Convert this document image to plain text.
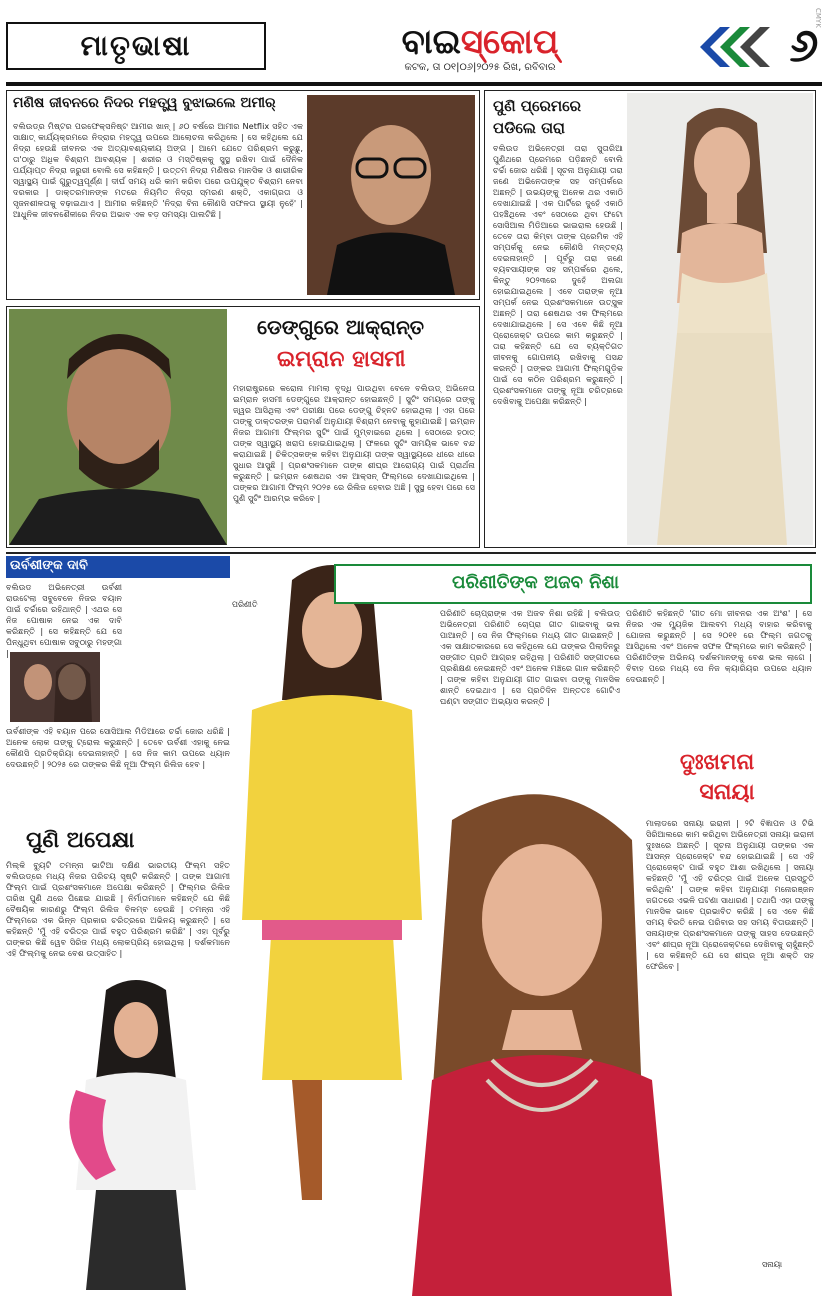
ମାତୃଭାଷା	ବାଇସ୍କୋପ୍
କଟକ, ତା ୦୧|୦୬|୨୦୨୫ ରିଖ, ରବିବାର	୬
CMYK
ମଣିଷ ଜୀବନରେ ନିଦର ମହତ୍ତ୍ୱ ବୁଝାଇଲେ ଅମୀର୍
ବଲିଉଡ୍‌ର ମିଷ୍ଟର ପରଫେକ୍ସନିଷ୍ଟ ଆମୀର ଖାନ୍ | ୬୦ ବର୍ଷରେ ଆମୀର Netflix ସହିତ ଏକ ସାକ୍ଷାତ୍ କାର୍ଯ୍ୟକ୍ରମରେ ନିଦ୍ରାର ମହତ୍ତ୍ୱ ଉପରେ ଆଲୋଚନା କରିଥିଲେ | ସେ କହିଥିଲେ ଯେ ନିଦ୍ରା ହେଉଛି ଜୀବନର ଏକ ଅତ୍ୟାବଶ୍ୟକୀୟ ଅଙ୍ଗ | ଆମେ ଯେତେ ପରିଶ୍ରମ କରୁଛୁ, ତା'ଠାରୁ ଅଧିକ ବିଶ୍ରାମ ଆବଶ୍ୟକ | ଶରୀର ଓ ମସ୍ତିଷ୍କକୁ ସୁସ୍ଥ ରଖିବା ପାଇଁ ଦୈନିକ ପର୍ଯ୍ୟାପ୍ତ ନିଦ୍ରା ଜରୁରୀ ବୋଲି ସେ କହିଛନ୍ତି | ଉତ୍ତମ ନିଦ୍ରା ମଣିଷର ମାନସିକ ଓ ଶାରୀରିକ ସ୍ୱାସ୍ଥ୍ୟ ପାଇଁ ଗୁରୁତ୍ୱପୂର୍ଣ୍ଣ | ଦୀର୍ଘ ସମୟ ଧରି କାମ କରିବା ପରେ ଉପଯୁକ୍ତ ବିଶ୍ରାମ ନେବା ଦରକାର | ଡାକ୍ତରମାନଙ୍କ ମତରେ ନିୟମିତ ନିଦ୍ରା ସ୍ମରଣ ଶକ୍ତି, ଏକାଗ୍ରତା ଓ ସୃଜନଶୀଳତାକୁ ବଢ଼ାଇଥାଏ | ଆମୀର କହିଛନ୍ତି 'ନିଦ୍ରା ବିନା କୌଣସି ସଫଳତା ସ୍ଥାୟୀ ନୁହେଁ' | ଆଧୁନିକ ଜୀବନଶୈଳୀରେ ନିଦର ଅଭାବ ଏକ ବଡ଼ ସମସ୍ୟା ପାଲଟିଛି |
ପୁଣି ପ୍ରେମରେ
ପଡିଲେ ତାରା
ବଲିଉଡ ଅଭିନେତ୍ରୀ ତାରା ସୁତାରିଆ ପୁଣିଥରେ ପ୍ରେମରେ ପଡ଼ିଛନ୍ତି ବୋଲି ଚର୍ଚ୍ଚା ଜୋର ଧରିଛି | ସୂଚନା ଅନୁଯାୟୀ ତାରା ଜଣେ ଅଭିନେତାଙ୍କ ସହ ସମ୍ପର୍କରେ ଅଛନ୍ତି | ଉଭୟଙ୍କୁ ଅନେକ ଥର ଏକାଠି ଦେଖାଯାଇଛି | ଏକ ପାର୍ଟିରେ ଦୁହେଁ ଏକାଠି ପହଞ୍ଚିଥିଲେ ଏବଂ ସେଠାରେ ଥିବା ଫଟୋ ସୋସିଆଲ ମିଡିଆରେ ଭାଇରାଲ ହେଉଛି | ତେବେ ତାରା କିମ୍ବା ତାଙ୍କ ପ୍ରେମିକ ଏହି ସମ୍ପର୍କକୁ ନେଇ କୌଣସି ମନ୍ତବ୍ୟ ଦେଇନାହାନ୍ତି | ପୂର୍ବରୁ ତାରା ଜଣେ ବ୍ୟବସାୟୀଙ୍କ ସହ ସମ୍ପର୍କରେ ଥିଲେ, କିନ୍ତୁ ୨୦୨୩ରେ ଦୁହେଁ ଅଲଗା ହୋଇଯାଇଥିଲେ | ଏବେ ତାରାଙ୍କ ନୂଆ ସମ୍ପର୍କ ନେଇ ପ୍ରଶଂସକମାନେ ଉତ୍ସୁକ ଅଛନ୍ତି | ତାରା ଶେଷଥର ଏକ ଫିଲ୍ମରେ ଦେଖାଯାଇଥିଲେ | ସେ ଏବେ କିଛି ନୂଆ ପ୍ରୋଜେକ୍ଟ ଉପରେ କାମ କରୁଛନ୍ତି | ତାରା କହିଛନ୍ତି ଯେ ସେ ବ୍ୟକ୍ତିଗତ ଜୀବନକୁ ଗୋପନୀୟ ରଖିବାକୁ ପସନ୍ଦ କରନ୍ତି | ତାଙ୍କର ଆଗାମୀ ଫିଲ୍ମଗୁଡ଼ିକ ପାଇଁ ସେ କଠିନ ପରିଶ୍ରମ କରୁଛନ୍ତି | ପ୍ରଶଂସକମାନେ ତାଙ୍କୁ ନୂଆ ଚରିତ୍ରରେ ଦେଖିବାକୁ ଅପେକ୍ଷା କରିଛନ୍ତି |
ଡେଙ୍ଗୁରେ ଆକ୍ରାନ୍ତ
ଇମ୍ରାନ ହାସମୀ
ମହାରାଷ୍ଟ୍ରରେ କରୋନା ମାମଲା ବୃଦ୍ଧି ପାଉଥିବା ବେଳେ ବଲିଉଡ୍ ଅଭିନେତା ଇମ୍ରାନ ହାସମୀ ଡେଙ୍ଗୁରେ ଆକ୍ରାନ୍ତ ହୋଇଛନ୍ତି | ସୁଟିଂ ସମୟରେ ତାଙ୍କୁ ଜ୍ୱର ଆସିଥିଲା ଏବଂ ପରୀକ୍ଷା ପରେ ଡେଙ୍ଗୁ ଚିହ୍ନଟ ହୋଇଥିଲା | ଏହା ପରେ ତାଙ୍କୁ ଡାକ୍ତରଙ୍କ ପରାମର୍ଶ ଅନୁଯାୟୀ ବିଶ୍ରାମ ନେବାକୁ କୁହାଯାଇଛି | ଇମ୍ରାନ ନିଜର ଆଗାମୀ ଫିଲ୍ମର ସୁଟିଂ ପାଇଁ ମୁମ୍ବାଇରେ ଥିଲେ | ସେଠାରେ ହଠାତ୍ ତାଙ୍କ ସ୍ୱାସ୍ଥ୍ୟ ଖରାପ ହୋଇଯାଇଥିଲା | ଫଳରେ ସୁଟିଂ ସାମୟିକ ଭାବେ ବନ୍ଦ କରାଯାଇଛି | ଚିକିତ୍ସକଙ୍କ କହିବା ଅନୁଯାୟୀ ତାଙ୍କ ସ୍ୱାସ୍ଥ୍ୟରେ ଧୀରେ ଧୀରେ ସୁଧାର ଆସୁଛି | ପ୍ରଶଂସକମାନେ ତାଙ୍କ ଶୀଘ୍ର ଆରୋଗ୍ୟ ପାଇଁ ପ୍ରାର୍ଥନା କରୁଛନ୍ତି | ଇମ୍ରାନ ଶେଷଥର ଏକ ଆକ୍ସନ୍ ଫିଲ୍ମରେ ଦେଖାଯାଇଥିଲେ | ତାଙ୍କର ଆଗାମୀ ଫିଲ୍ମ ୨୦୨୫ ରେ ରିଲିଜ ହେବାର ଅଛି | ସୁସ୍ଥ ହେବା ପରେ ସେ ପୁଣି ସୁଟିଂ ଆରମ୍ଭ କରିବେ |
ଉର୍ବଶୀଙ୍କ ଦାବି
ବଲିଉଡ ଅଭିନେତ୍ରୀ ଉର୍ବଶୀ ରାଉଟେଲା ସବୁବେଳେ ନିଜର ବୟାନ ପାଇଁ ଚର୍ଚ୍ଚାରେ ରହିଥାନ୍ତି | ଏଥର ସେ ନିଜ ପୋଷାକ ନେଇ ଏକ ଦାବି କରିଛନ୍ତି | ସେ କହିଛନ୍ତି ଯେ ସେ ପିନ୍ଧୁଥିବା ପୋଷାକ ସବୁଠାରୁ ମହଙ୍ଗା |
ଉର୍ବଶୀଙ୍କ ଏହି ବୟାନ ପରେ ସୋସିଆଲ ମିଡିଆରେ ଚର୍ଚ୍ଚା ଜୋର ଧରିଛି | ଅନେକ ଲୋକ ତାଙ୍କୁ ଟ୍ରୋଲ କରୁଛନ୍ତି | ତେବେ ଉର୍ବଶୀ ଏହାକୁ ନେଇ କୌଣସି ପ୍ରତିକ୍ରିୟା ଦେଇନାହାନ୍ତି | ସେ ନିଜ କାମ ଉପରେ ଧ୍ୟାନ ଦେଉଛନ୍ତି | ୨୦୨୫ ରେ ତାଙ୍କର କିଛି ନୂଆ ଫିଲ୍ମ ରିଲିଜ ହେବ |
ପରିଣୀତିଙ୍କ ଅଜବ ନିଶା
ପରିଣୀତି
ପରିଣୀତି ଚୋପ୍ରାଙ୍କ ଏକ ଅଜବ ନିଶା ରହିଛି | ବଲିଉଡ୍ ଅଭିନେତ୍ରୀ ପରିଣୀତି ଚୋପ୍ରା ଗୀତ ଗାଇବାକୁ ଭଲ ପାଆନ୍ତି | ସେ ନିଜ ଫିଲ୍ମରେ ମଧ୍ୟ ଗୀତ ଗାଇଛନ୍ତି | ଏକ ସାକ୍ଷାତକାରରେ ସେ କହିଥିଲେ ଯେ ତାଙ୍କର ପିଲାଦିନରୁ ସଙ୍ଗୀତ ପ୍ରତି ଆଗ୍ରହ ରହିଥିଲା | ପରିଣୀତି ସଙ୍ଗୀତରେ ପ୍ରଶିକ୍ଷଣ ନେଇଛନ୍ତି ଏବଂ ଅନେକ ମଞ୍ଚରେ ଗାନ କରିଛନ୍ତି | ତାଙ୍କ କହିବା ଅନୁଯାୟୀ ଗୀତ ଗାଇବା ତାଙ୍କୁ ମାନସିକ ଶାନ୍ତି ଦେଇଥାଏ | ସେ ପ୍ରତିଦିନ ଅନ୍ତତଃ ଗୋଟିଏ ଘଣ୍ଟା ସଙ୍ଗୀତ ଅଭ୍ୟାସ କରନ୍ତି |
ପରିଣୀତି କହିଛନ୍ତି 'ଗୀତ ମୋ ଜୀବନର ଏକ ଅଂଶ' | ସେ ନିଜର ଏକ ମ୍ୟୁଜିକ ଆଲବମ ମଧ୍ୟ ବାହାର କରିବାକୁ ଯୋଜନା କରୁଛନ୍ତି | ସେ ୨୦୧୧ ରେ ଫିଲ୍ମ ଜଗତକୁ ଆସିଥିଲେ ଏବଂ ଅନେକ ସଫଳ ଫିଲ୍ମରେ କାମ କରିଛନ୍ତି | ପରିଣୀତିଙ୍କ ଅଭିନୟ ଦର୍ଶକମାନଙ୍କୁ ବେଶ ଭଲ ଲାଗେ | ବିବାହ ପରେ ମଧ୍ୟ ସେ ନିଜ କ୍ୟାରିୟର ଉପରେ ଧ୍ୟାନ ଦେଉଛନ୍ତି |
ପୁଣି ଅପେକ୍ଷା
ମିଲ୍କି ବ୍ୟୁଟି ତମନ୍ନା ଭାଟିଆ ଦକ୍ଷିଣ ଭାରତୀୟ ଫିଲ୍ମ ସହିତ ବଲିଉଡ୍‌ରେ ମଧ୍ୟ ନିଜର ପରିଚୟ ସୃଷ୍ଟି କରିଛନ୍ତି | ତାଙ୍କ ଆଗାମୀ ଫିଲ୍ମ ପାଇଁ ପ୍ରଶଂସକମାନେ ଅପେକ୍ଷା କରିଛନ୍ତି | ଫିଲ୍ମର ରିଲିଜ ତାରିଖ ପୁଣି ଥରେ ପିଛେଇ ଯାଇଛି | ନିର୍ମାତାମାନେ କହିଛନ୍ତି ଯେ କିଛି ବୈଷୟିକ କାରଣରୁ ଫିଲ୍ମ ରିଲିଜ ବିଳମ୍ବ ହେଉଛି | ତମନ୍ନା ଏହି ଫିଲ୍ମରେ ଏକ ଭିନ୍ନ ପ୍ରକାର ଚରିତ୍ରରେ ଅଭିନୟ କରୁଛନ୍ତି | ସେ କହିଛନ୍ତି 'ମୁଁ ଏହି ଚରିତ୍ର ପାଇଁ ବହୁତ ପରିଶ୍ରମ କରିଛି' | ଏହା ପୂର୍ବରୁ ତାଙ୍କର କିଛି ୱେବ ସିରିଜ ମଧ୍ୟ ଲୋକପ୍ରିୟ ହୋଇଥିଲା | ଦର୍ଶକମାନେ ଏହି ଫିଲ୍ମକୁ ନେଇ ବେଶ ଉତ୍ସାହିତ |
ଦୁଃଖମନା
ସନାୟା
ମାଲାଡରେ ସନାୟା ଇରାନୀ | ୨ଟି ବିଜ୍ଞାପନ ଓ ଟିଭି ସିରିଆଲରେ କାମ କରିଥିବା ଅଭିନେତ୍ରୀ ସନାୟା ଇରାନୀ ଦୁଃଖରେ ଅଛନ୍ତି | ସୂଚନା ଅନୁଯାୟୀ ତାଙ୍କର ଏକ ଆସନ୍ନ ପ୍ରୋଜେକ୍ଟ ବନ୍ଦ ହୋଇଯାଇଛି | ସେ ଏହି ପ୍ରୋଜେକ୍ଟ ପାଇଁ ବହୁତ ଆଶା ରଖିଥିଲେ | ସନାୟା କହିଛନ୍ତି 'ମୁଁ ଏହି ଚରିତ୍ର ପାଇଁ ଅନେକ ପ୍ରସ୍ତୁତି କରିଥିଲି' | ତାଙ୍କ କହିବା ଅନୁଯାୟୀ ମନୋରଞ୍ଜନ ଜଗତରେ ଏଭଳି ଘଟଣା ସାଧାରଣ | ତଥାପି ଏହା ତାଙ୍କୁ ମାନସିକ ଭାବେ ପ୍ରଭାବିତ କରିଛି | ସେ ଏବେ କିଛି ସମୟ ବିରତି ନେଇ ପରିବାର ସହ ସମୟ ବିତାଉଛନ୍ତି | ସନାୟାଙ୍କ ପ୍ରଶଂସକମାନେ ତାଙ୍କୁ ସାହସ ଦେଉଛନ୍ତି ଏବଂ ଶୀଘ୍ର ନୂଆ ପ୍ରୋଜେକ୍ଟରେ ଦେଖିବାକୁ ଚାହୁଁଛନ୍ତି | ସେ କହିଛନ୍ତି ଯେ ସେ ଶୀଘ୍ର ନୂଆ ଶକ୍ତି ସହ ଫେରିବେ |
ସନାୟା
